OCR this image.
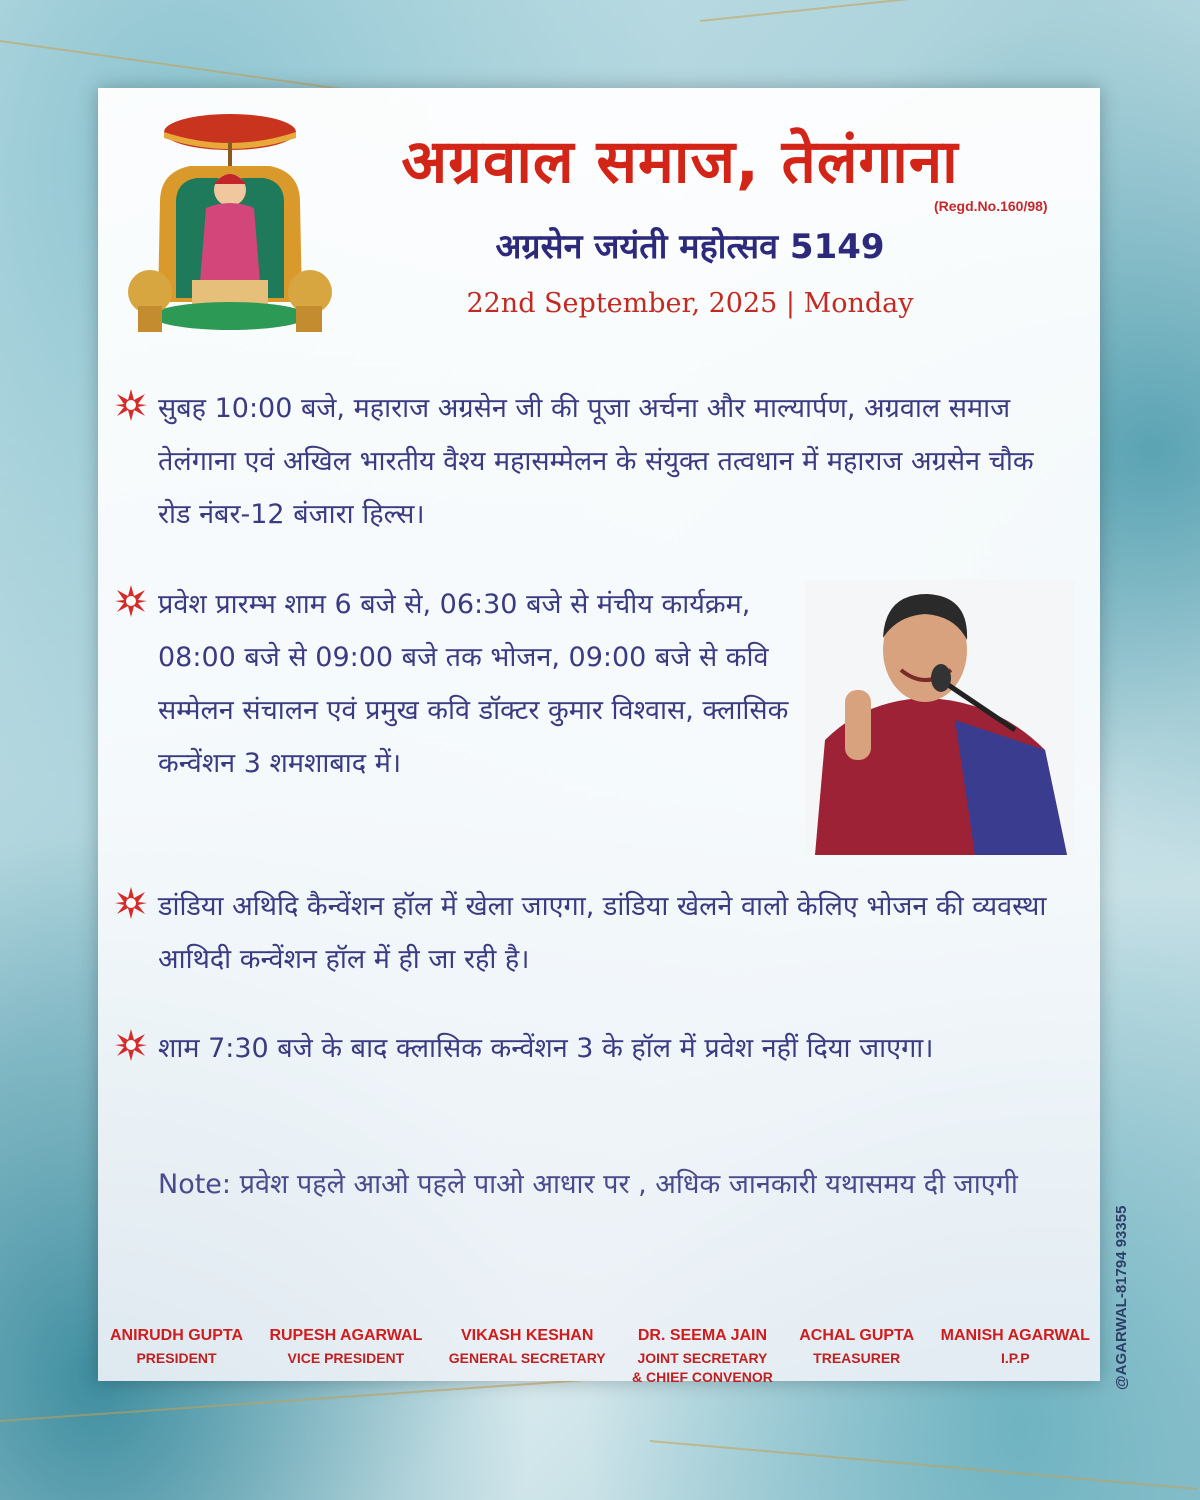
अग्रवाल समाज, तेलंगाना
(Regd.No.160/98)
अग्रसेन जयंती महोत्सव 5149
22nd September, 2025 | Monday

सुबह 10:00 बजे, महाराज अग्रसेन जी की पूजा अर्चना और माल्यार्पण, अग्रवाल समाज तेलंगाना एवं अखिल भारतीय वैश्य महासम्मेलन के संयुक्त तत्वधान में महाराज अग्रसेन चौक रोड नंबर-12 बंजारा हिल्स।

प्रवेश प्रारम्भ शाम 6 बजे से, 06:30 बजे से मंचीय कार्यक्रम, 08:00 बजे से 09:00 बजे तक भोजन, 09:00 बजे से कवि सम्मेलन संचालन एवं प्रमुख कवि डॉक्टर कुमार विश्वास, क्लासिक कन्वेंशन 3 शमशाबाद में।

डांडिया अथिदि कैन्वेंशन हॉल में खेला जाएगा, डांडिया खेलने वालो केलिए भोजन की व्यवस्था आथिदी कन्वेंशन हॉल में ही जा रही है।

शाम 7:30 बजे के बाद क्लासिक कन्वेंशन 3 के हॉल में प्रवेश नहीं दिया जाएगा।

Note: प्रवेश पहले आओ पहले पाओ आधार पर , अधिक जानकारी यथासमय दी जाएगी

ANIRUDH GUPTA
PRESIDENT
RUPESH AGARWAL
VICE PRESIDENT
VIKASH KESHAN
GENERAL SECRETARY
DR. SEEMA JAIN
JOINT SECRETARY
& CHIEF CONVENOR
ACHAL GUPTA
TREASURER
MANISH AGARWAL
I.P.P	@AGARWAL-81794 93355
